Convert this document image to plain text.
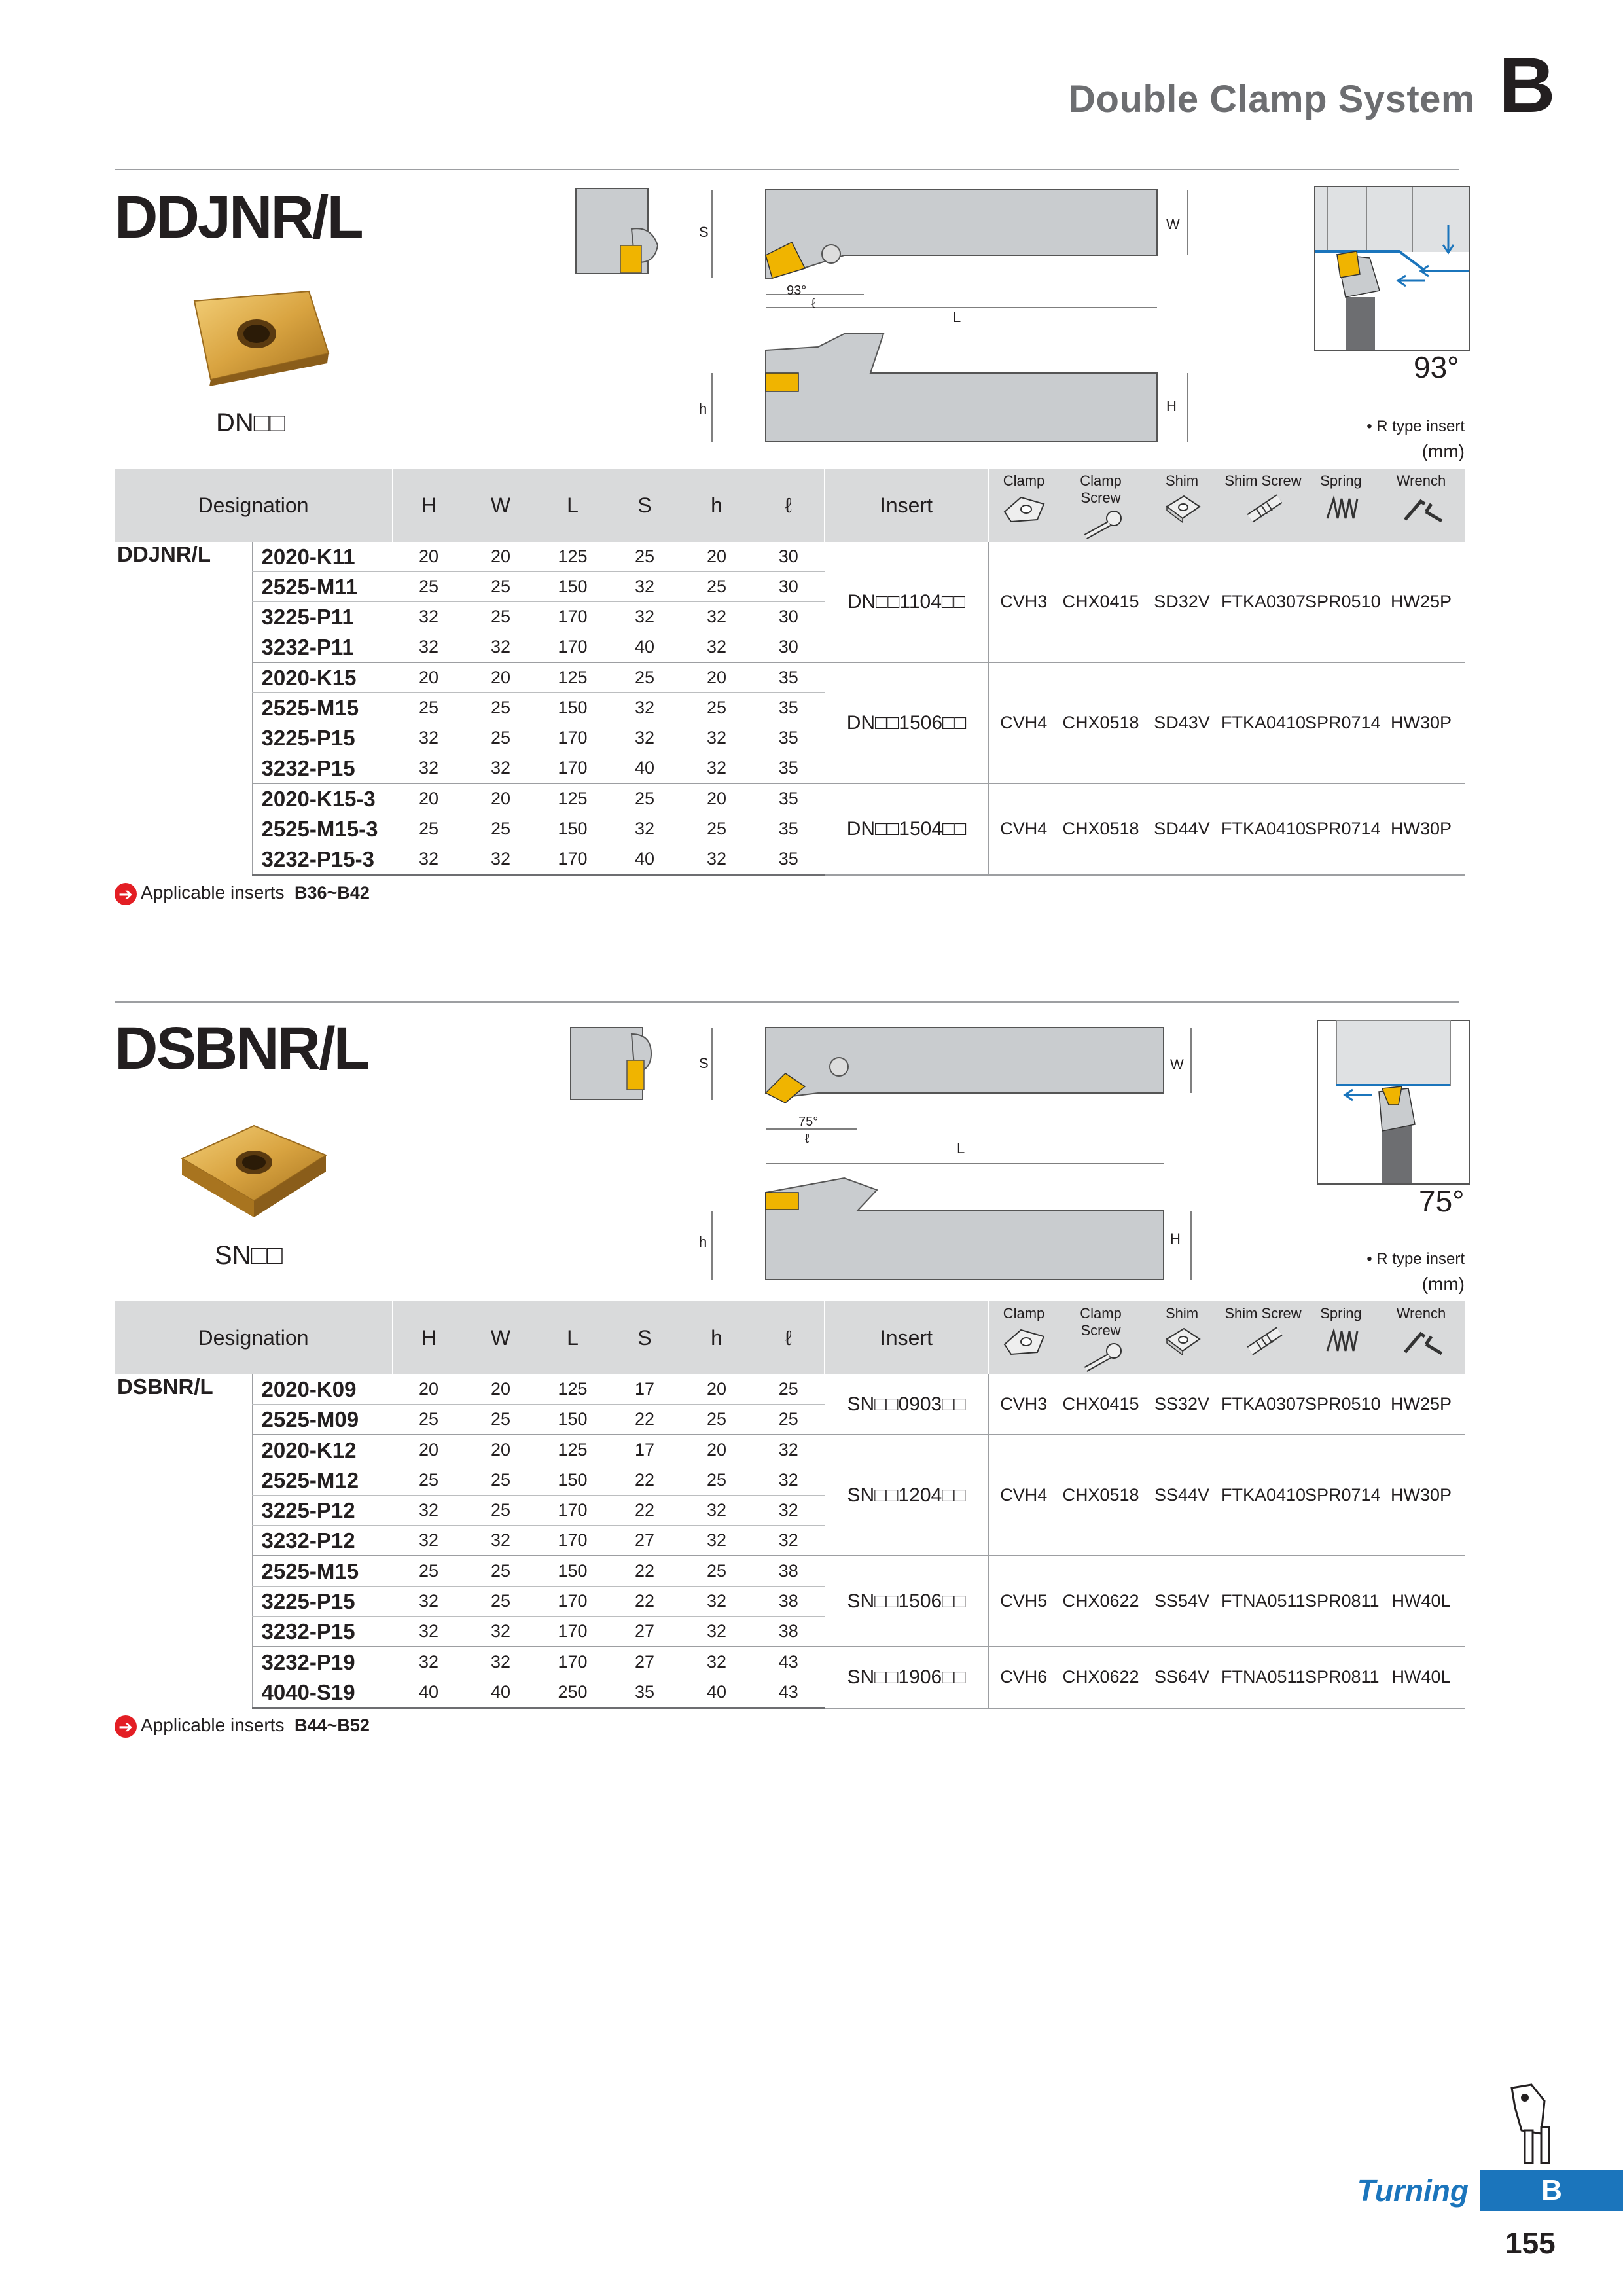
Double Clamp System B
DDJNR/L
DN□□
S	W
L
93°
ℓ
h	H
93°
• R type insert
(mm)
Designation		H	W	L	S	h	ℓ	Insert	Clamp	Clamp Screw	Shim	Shim Screw	Spring	Wrench

DDJNR/L	2020-K11	20	20	125	25	20	30	DN□□1104□□	CVH3	CHX0415	SD32V	FTKA0307	SPR0510	HW25P
	2525-M11	25	25	150	32	25	30							
	3225-P11	32	25	170	32	32	30							
	3232-P11	32	32	170	40	32	30							
	2020-K15	20	20	125	25	20	35	DN□□1506□□	CVH4	CHX0518	SD43V	FTKA0410	SPR0714	HW30P
	2525-M15	25	25	150	32	25	35							
	3225-P15	32	25	170	32	32	35							
	3232-P15	32	32	170	40	32	35							
	2020-K15-3	20	20	125	25	20	35	DN□□1504□□	CVH4	CHX0518	SD44V	FTKA0410	SPR0714	HW30P
	2525-M15-3	25	25	150	32	25	35							
	3232-P15-3	32	32	170	40	32	35							
DSBNR/L
SN□□
S	W
L
75°
ℓ
h	H
75°
• R type insert
(mm)
Designation		H	W	L	S	h	ℓ	Insert	Clamp	Clamp Screw	Shim	Shim Screw	Spring	Wrench

DSBNR/L	2020-K09	20	20	125	17	20	25	SN□□0903□□	CVH3	CHX0415	SS32V	FTKA0307	SPR0510	HW25P
	2525-M09	25	25	150	22	25	25							
	2020-K12	20	20	125	17	20	32	SN□□1204□□	CVH4	CHX0518	SS44V	FTKA0410	SPR0714	HW30P
	2525-M12	25	25	150	22	25	32							
	3225-P12	32	25	170	22	32	32							
	3232-P12	32	32	170	27	32	32							
	2525-M15	25	25	150	22	25	38	SN□□1506□□	CVH5	CHX0622	SS54V	FTNA0511	SPR0811	HW40L
	3225-P15	32	25	170	22	32	38							
	3232-P15	32	32	170	27	32	38							
	3232-P19	32	32	170	27	32	43	SN□□1906□□	CVH6	CHX0622	SS64V	FTNA0511	SPR0811	HW40L
	4040-S19	40	40	250	35	40	43							
➔ Applicable inserts B36~B42
➔ Applicable inserts B44~B52
Turning	B
155
